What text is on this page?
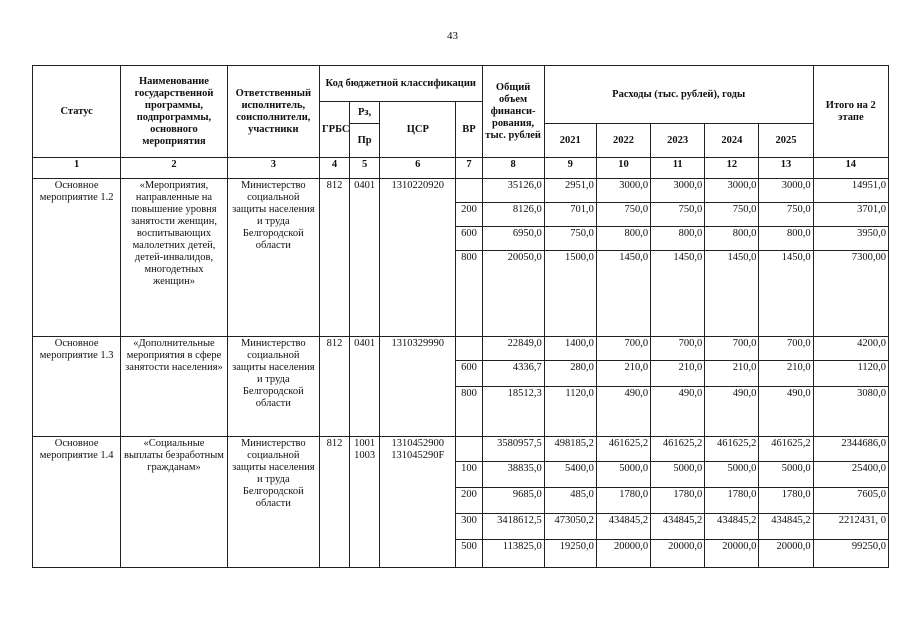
43
Статус	Наименование государственной программы, подпрограммы, основного мероприятия	Ответственный исполнитель, соисполнители, участники	Код бюджетной классификации				Общий объем финанси-рования, тыс. рублей	Расходы (тыс. рублей), годы					Итого на 2 этапе
			ГРБС	Рз,	ЦСР	ВР							
				Пр				2021	2022	2023	2024	2025	
1	2	3	4	5	6	7	8	9	10	11	12	13	14
Основное мероприятие 1.2	«Мероприятия, направленные на повышение уровня занятости женщин, воспитывающих малолетних детей, детей-инвалидов, многодетных женщин»	Министерство социальной защиты населения и труда Белгородской области	812	0401	1310220920		35126,0	2951,0	3000,0	3000,0	3000,0	3000,0	14951,0
						200	8126,0	701,0	750,0	750,0	750,0	750,0	3701,0
						600	6950,0	750,0	800,0	800,0	800,0	800,0	3950,0
						800	20050,0	1500,0	1450,0	1450,0	1450,0	1450,0	7300,00
Основное мероприятие 1.3	«Дополнительные мероприятия в сфере занятости населения»	Министерство социальной защиты населения и труда Белгородской области	812	0401	1310329990		22849,0	1400,0	700,0	700,0	700,0	700,0	4200,0
						600	4336,7	280,0	210,0	210,0	210,0	210,0	1120,0
						800	18512,3	1120,0	490,0	490,0	490,0	490,0	3080,0
Основное мероприятие 1.4	«Социальные выплаты безработным гражданам»	Министерство социальной защиты населения и труда Белгородской области	812	1001 1003	1310452900 131045290F		3580957,5	498185,2	461625,2	461625,2	461625,2	461625,2	2344686,0
						100	38835,0	5400,0	5000,0	5000,0	5000,0	5000,0	25400,0
						200	9685,0	485,0	1780,0	1780,0	1780,0	1780,0	7605,0
						300	3418612,5	473050,2	434845,2	434845,2	434845,2	434845,2	2212431, 0
						500	113825,0	19250,0	20000,0	20000,0	20000,0	20000,0	99250,0
